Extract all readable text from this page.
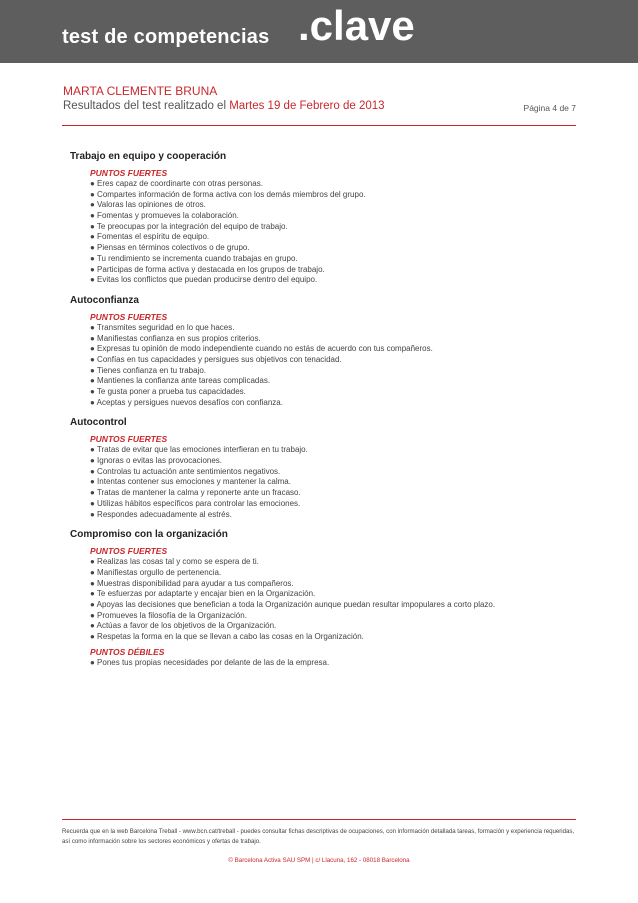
test de competencias .clave
MARTA CLEMENTE BRUNA
Resultados del test realitzado el Martes 19 de Febrero de 2013	Página 4 de 7
Trabajo en equipo y cooperación
PUNTOS FUERTES
● Eres capaz de coordinarte con otras personas.
● Compartes información de forma activa con los demás miembros del grupo.
● Valoras las opiniones de otros.
● Fomentas y promueves la colaboración.
● Te preocupas por la integración del equipo de trabajo.
● Fomentas el espíritu de equipo.
● Piensas en términos colectivos o de grupo.
● Tu rendimiento se incrementa cuando trabajas en grupo.
● Participas de forma activa y destacada en los grupos de trabajo.
● Evitas los conflictos que puedan producirse dentro del equipo.
Autoconfianza
PUNTOS FUERTES
● Transmites seguridad en lo que haces.
● Manifiestas confianza en sus propios criterios.
● Expresas tu opinión de modo independiente cuando no estás de acuerdo con tus compañeros.
● Confías en tus capacidades y persigues sus objetivos con tenacidad.
● Tienes confianza en tu trabajo.
● Mantienes la confianza ante tareas complicadas.
● Te gusta poner a prueba tus capacidades.
● Aceptas y persigues nuevos desafíos con confianza.
Autocontrol
PUNTOS FUERTES
● Tratas de evitar que las emociones interfieran en tu trabajo.
● Ignoras o evitas las provocaciones.
● Controlas tu actuación ante sentimientos negativos.
● Intentas contener sus emociones y mantener la calma.
● Tratas de mantener la calma y reponerte ante un fracaso.
● Utilizas hábitos específicos para controlar las emociones.
● Respondes adecuadamente al estrés.
Compromiso con la organización
PUNTOS FUERTES
● Realizas las cosas tal y como se espera de ti.
● Manifiestas orgullo de pertenencia.
● Muestras disponibilidad para ayudar a tus compañeros.
● Te esfuerzas por adaptarte y encajar bien en la Organización.
● Apoyas las decisiones que benefician a toda la Organización aunque puedan resultar impopulares a corto plazo.
● Promueves la filosofía de la Organización.
● Actúas a favor de los objetivos de la Organización.
● Respetas la forma en la que se llevan a cabo las cosas en la Organización.
PUNTOS DÉBILES
● Pones tus propias necesidades por delante de las de la empresa.
Recuerda que en la web Barcelona Treball - www.bcn.cat/treball - puedes consultar fichas descriptivas de ocupaciones, con información detallada tareas, formación y experiencia requeridas, así como información sobre los sectores económicos y ofertas de trabajo.
© Barcelona Activa SAU SPM | c/ Llacuna, 162 - 08018 Barcelona
